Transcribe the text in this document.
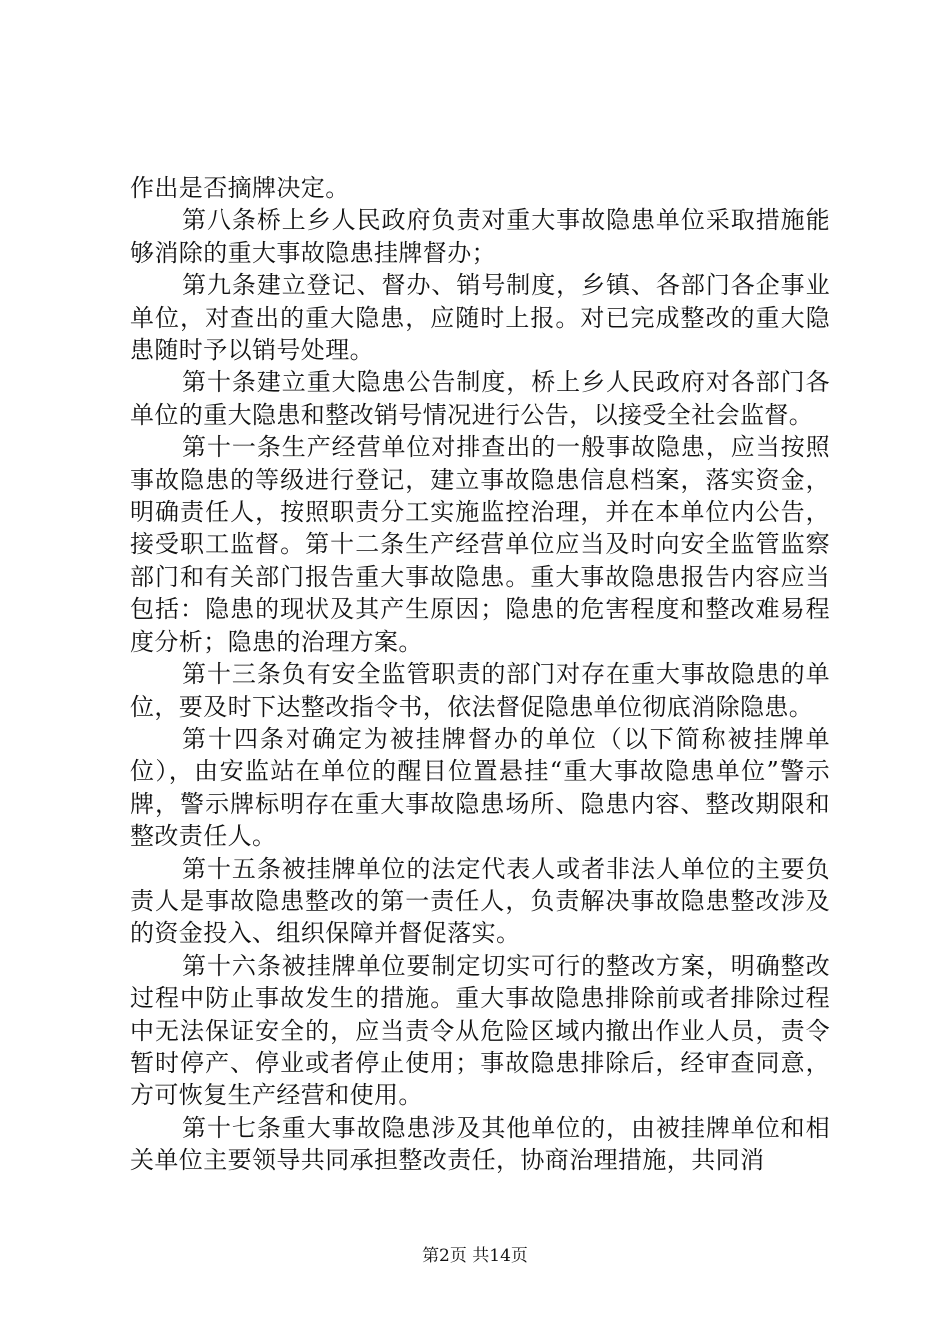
作出是否摘牌决定。

第八条桥上乡人民政府负责对重大事故隐患单位采取措施能够消除的重大事故隐患挂牌督办；

第九条建立登记、督办、销号制度，乡镇、各部门各企事业单位，对查出的重大隐患，应随时上报。对已完成整改的重大隐患随时予以销号处理。

第十条建立重大隐患公告制度，桥上乡人民政府对各部门各单位的重大隐患和整改销号情况进行公告，以接受全社会监督。

第十一条生产经营单位对排查出的一般事故隐患，应当按照事故隐患的等级进行登记，建立事故隐患信息档案，落实资金，明确责任人，按照职责分工实施监控治理，并在本单位内公告，接受职工监督。第十二条生产经营单位应当及时向安全监管监察部门和有关部门报告重大事故隐患。重大事故隐患报告内容应当包括：隐患的现状及其产生原因；隐患的危害程度和整改难易程度分析；隐患的治理方案。

第十三条负有安全监管职责的部门对存在重大事故隐患的单位，要及时下达整改指令书，依法督促隐患单位彻底消除隐患。

第十四条对确定为被挂牌督办的单位（以下简称被挂牌单位），由安监站在单位的醒目位置悬挂“重大事故隐患单位”警示牌，警示牌标明存在重大事故隐患场所、隐患内容、整改期限和整改责任人。

第十五条被挂牌单位的法定代表人或者非法人单位的主要负责人是事故隐患整改的第一责任人，负责解决事故隐患整改涉及的资金投入、组织保障并督促落实。

第十六条被挂牌单位要制定切实可行的整改方案，明确整改过程中防止事故发生的措施。重大事故隐患排除前或者排除过程中无法保证安全的，应当责令从危险区域内撤出作业人员，责令暂时停产、停业或者停止使用；事故隐患排除后，经审查同意，方可恢复生产经营和使用。

第十七条重大事故隐患涉及其他单位的，由被挂牌单位和相关单位主要领导共同承担整改责任，协商治理措施，共同消

第2页 共14页
